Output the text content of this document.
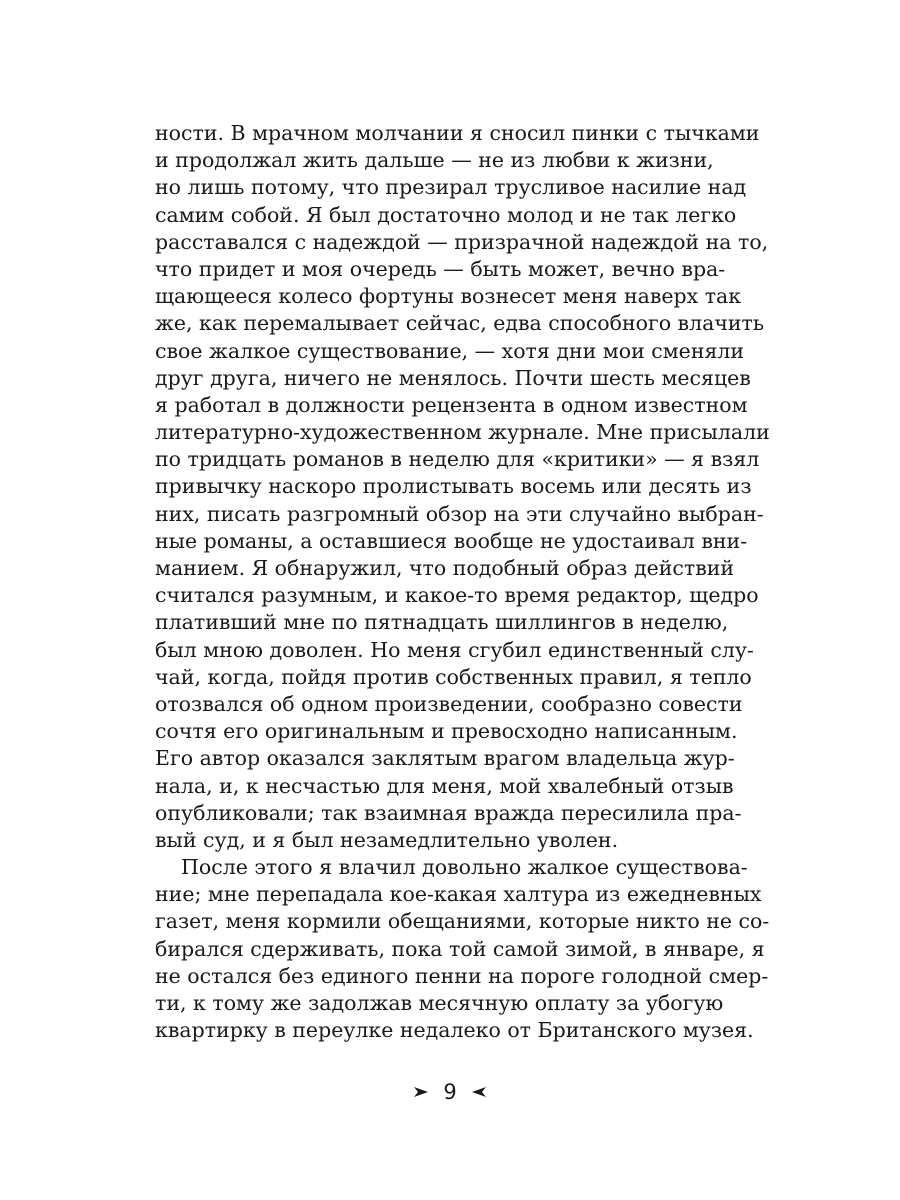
ности. В мрачном молчании я сносил пинки с тычками
и продолжал жить дальше — не из любви к жизни,
но лишь потому, что презирал трусливое насилие над
самим собой. Я был достаточно молод и не так легко
расставался с надеждой — призрачной надеждой на то,
что придет и моя очередь — быть может, вечно вра-
щающееся колесо фортуны вознесет меня наверх так
же, как перемалывает сейчас, едва способного влачить
свое жалкое существование, — хотя дни мои сменяли
друг друга, ничего не менялось. Почти шесть месяцев
я работал в должности рецензента в одном известном
литературно-художественном журнале. Мне присылали
по тридцать романов в неделю для «критики» — я взял
привычку наскоро пролистывать восемь или десять из
них, писать разгромный обзор на эти случайно выбран-
ные романы, а оставшиеся вообще не удостаивал вни-
манием. Я обнаружил, что подобный образ действий
считался разумным, и какое-то время редактор, щедро
плативший мне по пятнадцать шиллингов в неделю,
был мною доволен. Но меня сгубил единственный слу-
чай, когда, пойдя против собственных правил, я тепло
отозвался об одном произведении, сообразно совести
сочтя его оригинальным и превосходно написанным.
Его автор оказался заклятым врагом владельца жур-
нала, и, к несчастью для меня, мой хвалебный отзыв
опубликовали; так взаимная вражда пересилила пра-
вый суд, и я был незамедлительно уволен.
После этого я влачил довольно жалкое существова-
ние; мне перепадала кое-какая халтура из ежедневных
газет, меня кормили обещаниями, которые никто не со-
бирался сдерживать, пока той самой зимой, в январе, я
не остался без единого пенни на пороге голодной смер-
ти, к тому же задолжав месячную оплату за убогую
квартирку в переулке недалеко от Британского музея.
9
